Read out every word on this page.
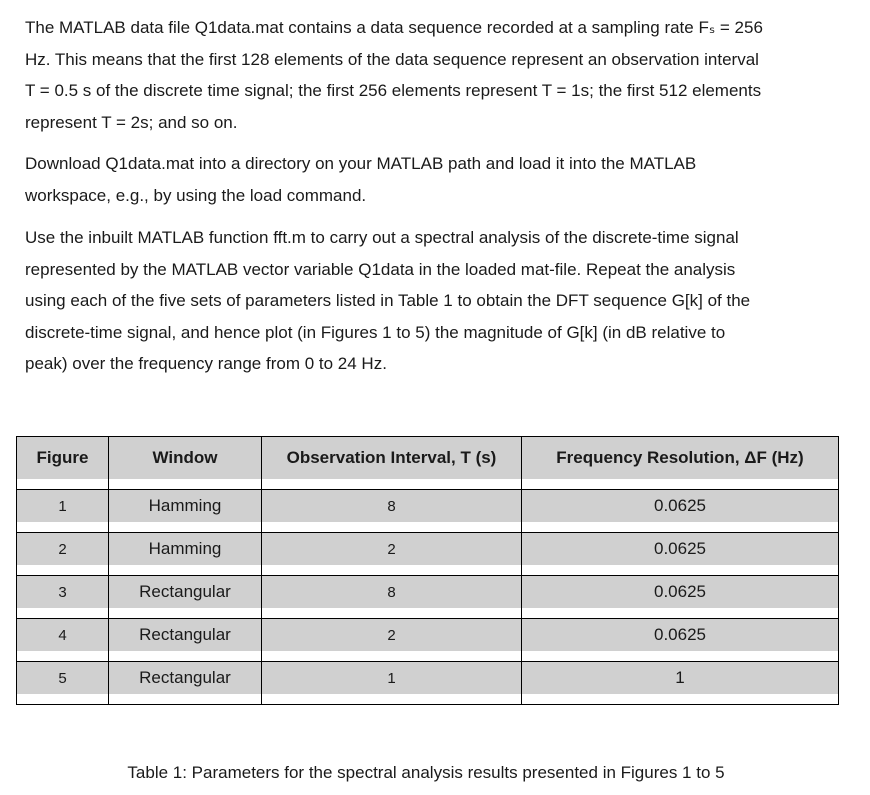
The MATLAB data file Q1data.mat contains a data sequence recorded at a sampling rate Fₛ = 256
Hz. This means that the first 128 elements of the data sequence represent an observation interval
T = 0.5 s of the discrete time signal; the first 256 elements represent T = 1s; the first 512 elements
represent T = 2s; and so on.

Download Q1data.mat into a directory on your MATLAB path and load it into the MATLAB
workspace, e.g., by using the load command.

Use the inbuilt MATLAB function fft.m to carry out a spectral analysis of the discrete-time signal
represented by the MATLAB vector variable Q1data in the loaded mat-file. Repeat the analysis
using each of the five sets of parameters listed in Table 1 to obtain the DFT sequence G[k] of the
discrete-time signal, and hence plot (in Figures 1 to 5) the magnitude of G[k] (in dB relative to
peak) over the frequency range from 0 to 24 Hz.

Figure	Window	Observation Interval, T (s)	Frequency Resolution, ΔF (Hz)

1	Hamming	8	0.0625

2	Hamming	2	0.0625

3	Rectangular	8	0.0625

4	Rectangular	2	0.0625

5	Rectangular	1	1

Table 1: Parameters for the spectral analysis results presented in Figures 1 to 5
